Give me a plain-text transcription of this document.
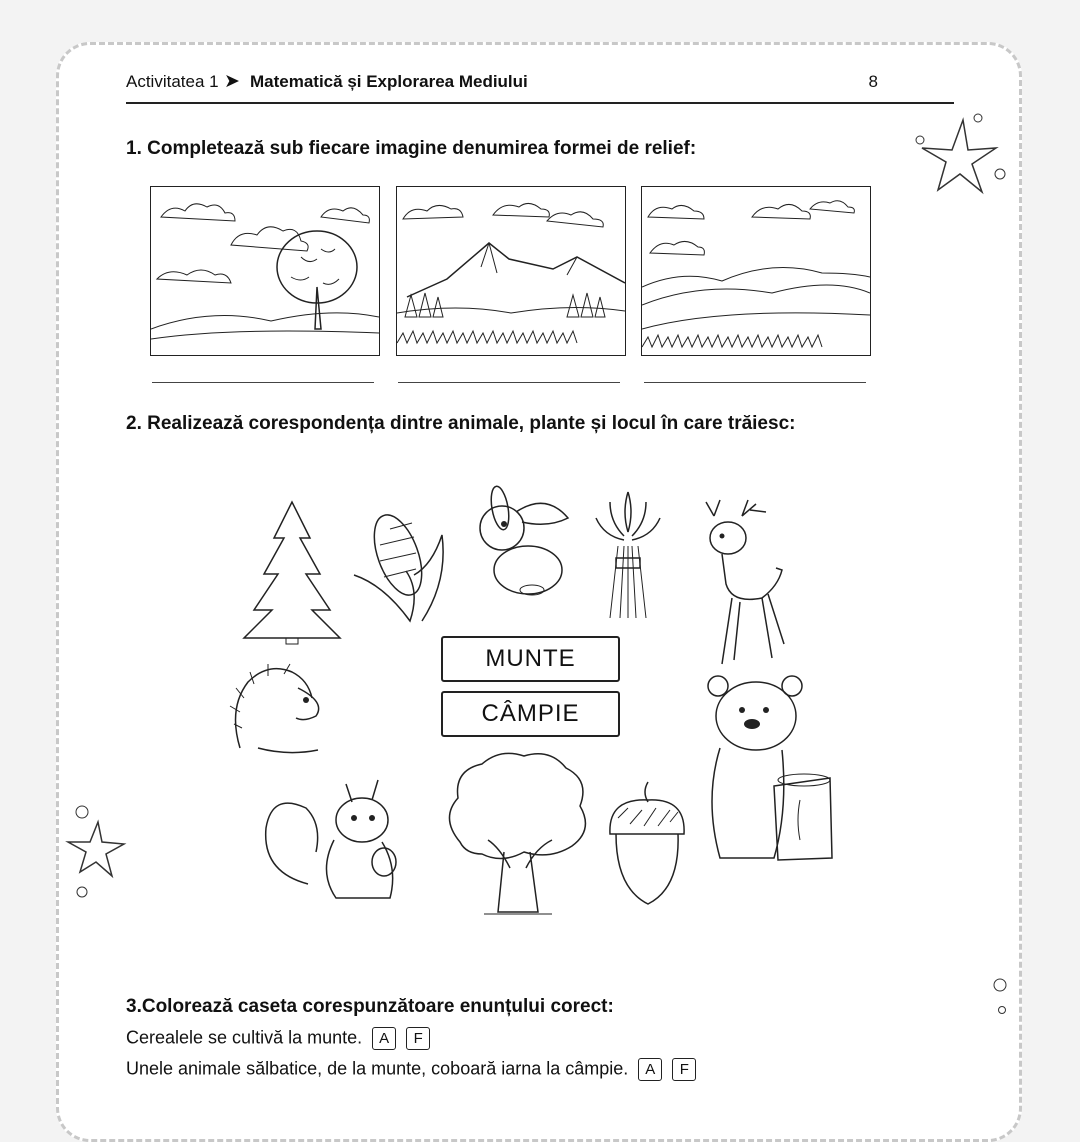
Activitatea 1 ➤ Matematică și Explorarea Mediului	8
1. Completează sub fiecare imagine denumirea formei de relief:
2. Realizează corespondența dintre animale, plante și locul în care trăiesc:
MUNTE
CÂMPIE
3.Colorează caseta corespunzătoare enunțului corect:
Cerealele se cultivă la munte. A F
Unele animale sălbatice, de la munte, coboară iarna la câmpie. A F
